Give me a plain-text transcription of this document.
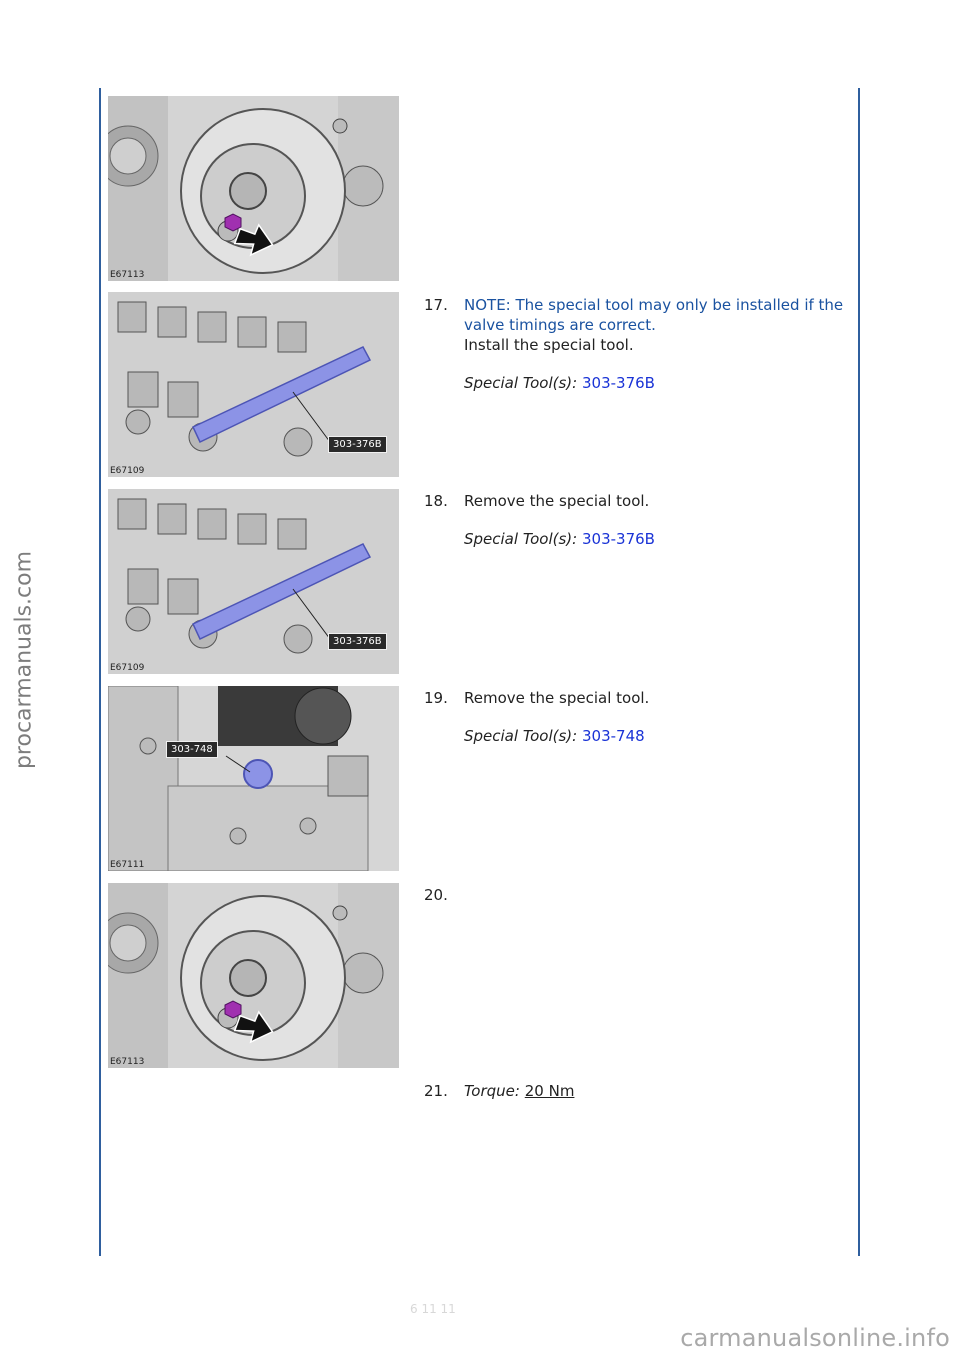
procarmanuals.com
E67113
303-376B
E67109
303-376B
E67109
303-748
E67111
E67113
17.	NOTE: The special tool may only be installed if the valve timings are correct.
Install the special tool.
Special Tool(s): 303-376B
18.	Remove the special tool.
Special Tool(s): 303-376B
19.	Remove the special tool.
Special Tool(s): 303-748
20.
21.	Torque: 20 Nm
6 11 11
carmanualsonline.info
